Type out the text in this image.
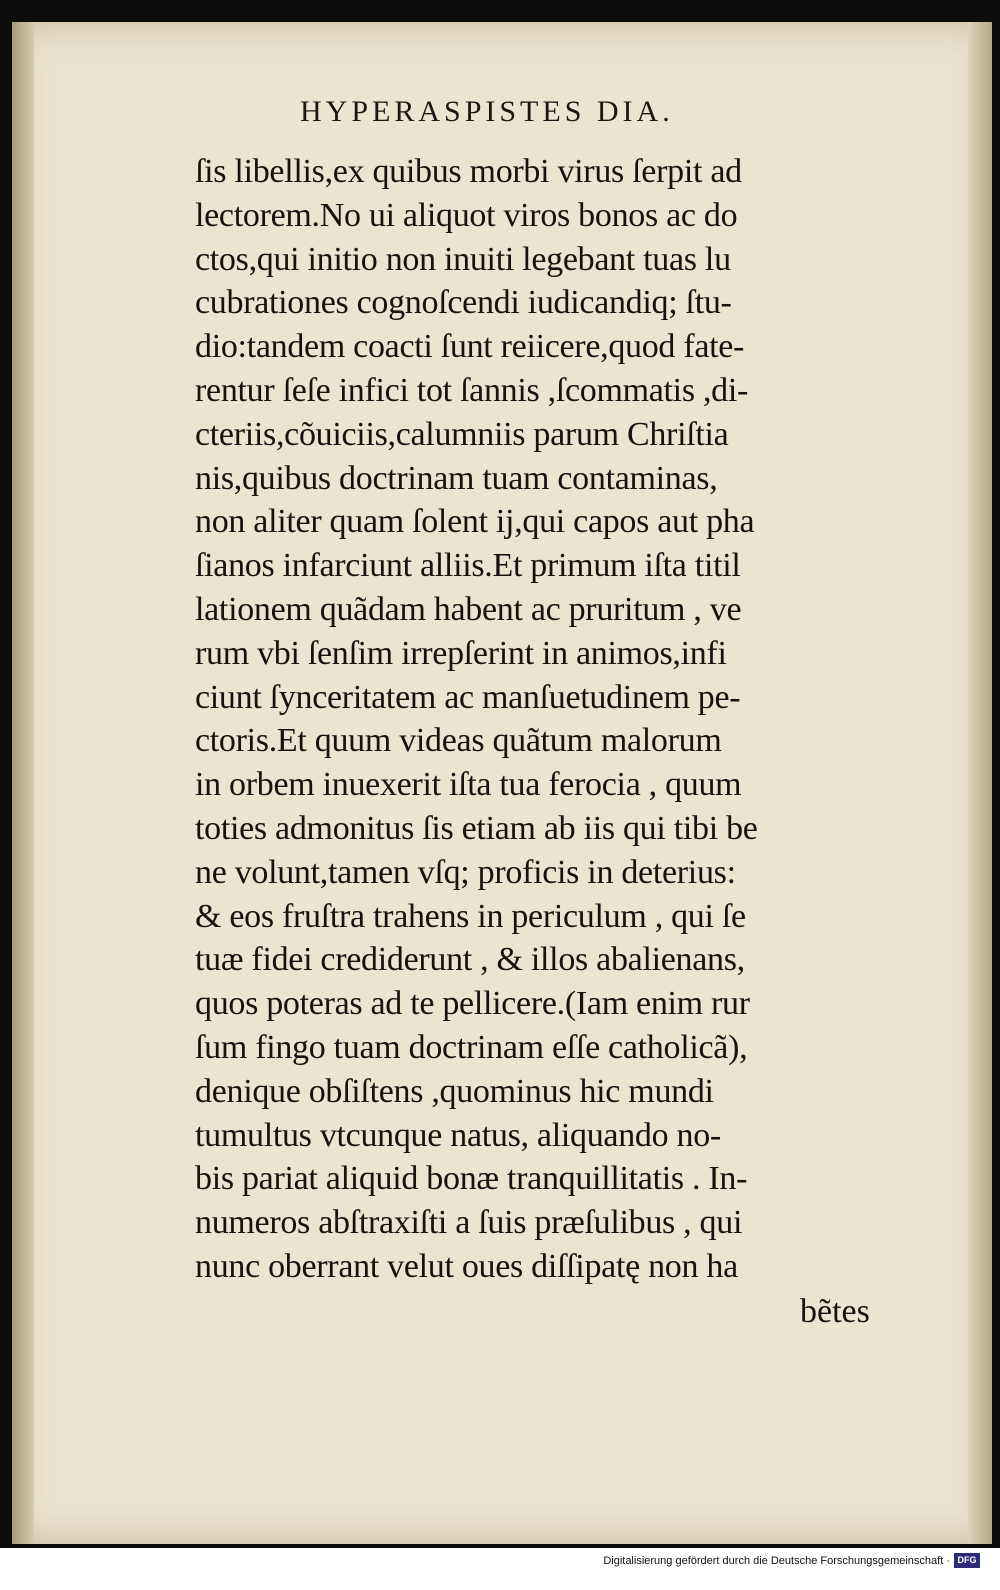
HYPERASPISTES DIA.
ſis libellis,ex quibus morbi virus ſerpit ad
lectorem.No ui aliquot viros bonos ac do
ctos,qui initio non inuiti legebant tuas lu
cubrationes cognoſcendi iudicandiq; ſtu-
dio:tandem coacti ſunt reiicere,quod fate-
rentur ſeſe infici tot ſannis ,ſcommatis ,di-
cteriis,cõuiciis,calumniis parum Chriſtia
nis,quibus doctrinam tuam contaminas,
non aliter quam ſolent ij,qui capos aut pha
ſianos infarciunt alliis.Et primum iſta titil
lationem quãdam habent ac pruritum , ve
rum vbi ſenſim irrepſerint in animos,infi
ciunt ſynceritatem ac manſuetudinem pe-
ctoris.Et quum videas quãtum malorum
in orbem inuexerit iſta tua ferocia , quum
toties admonitus ſis etiam ab iis qui tibi be
ne volunt,tamen vſq; proficis in deterius:
& eos fruſtra trahens in periculum , qui ſe
tuæ fidei crediderunt , & illos abalienans,
quos poteras ad te pellicere.(Iam enim rur
ſum fingo tuam doctrinam eſſe catholicã),
denique obſiſtens ,quominus hic mundi
tumultus vtcunque natus, aliquando no-
bis pariat aliquid bonæ tranquillitatis . In-
numeros abſtraxiſti a ſuis præſulibus , qui
nunc oberrant velut oues diſſipatę non ha
bẽtes
Digitalisierung gefördert durch die Deutsche Forschungsgemeinschaft · DFG
